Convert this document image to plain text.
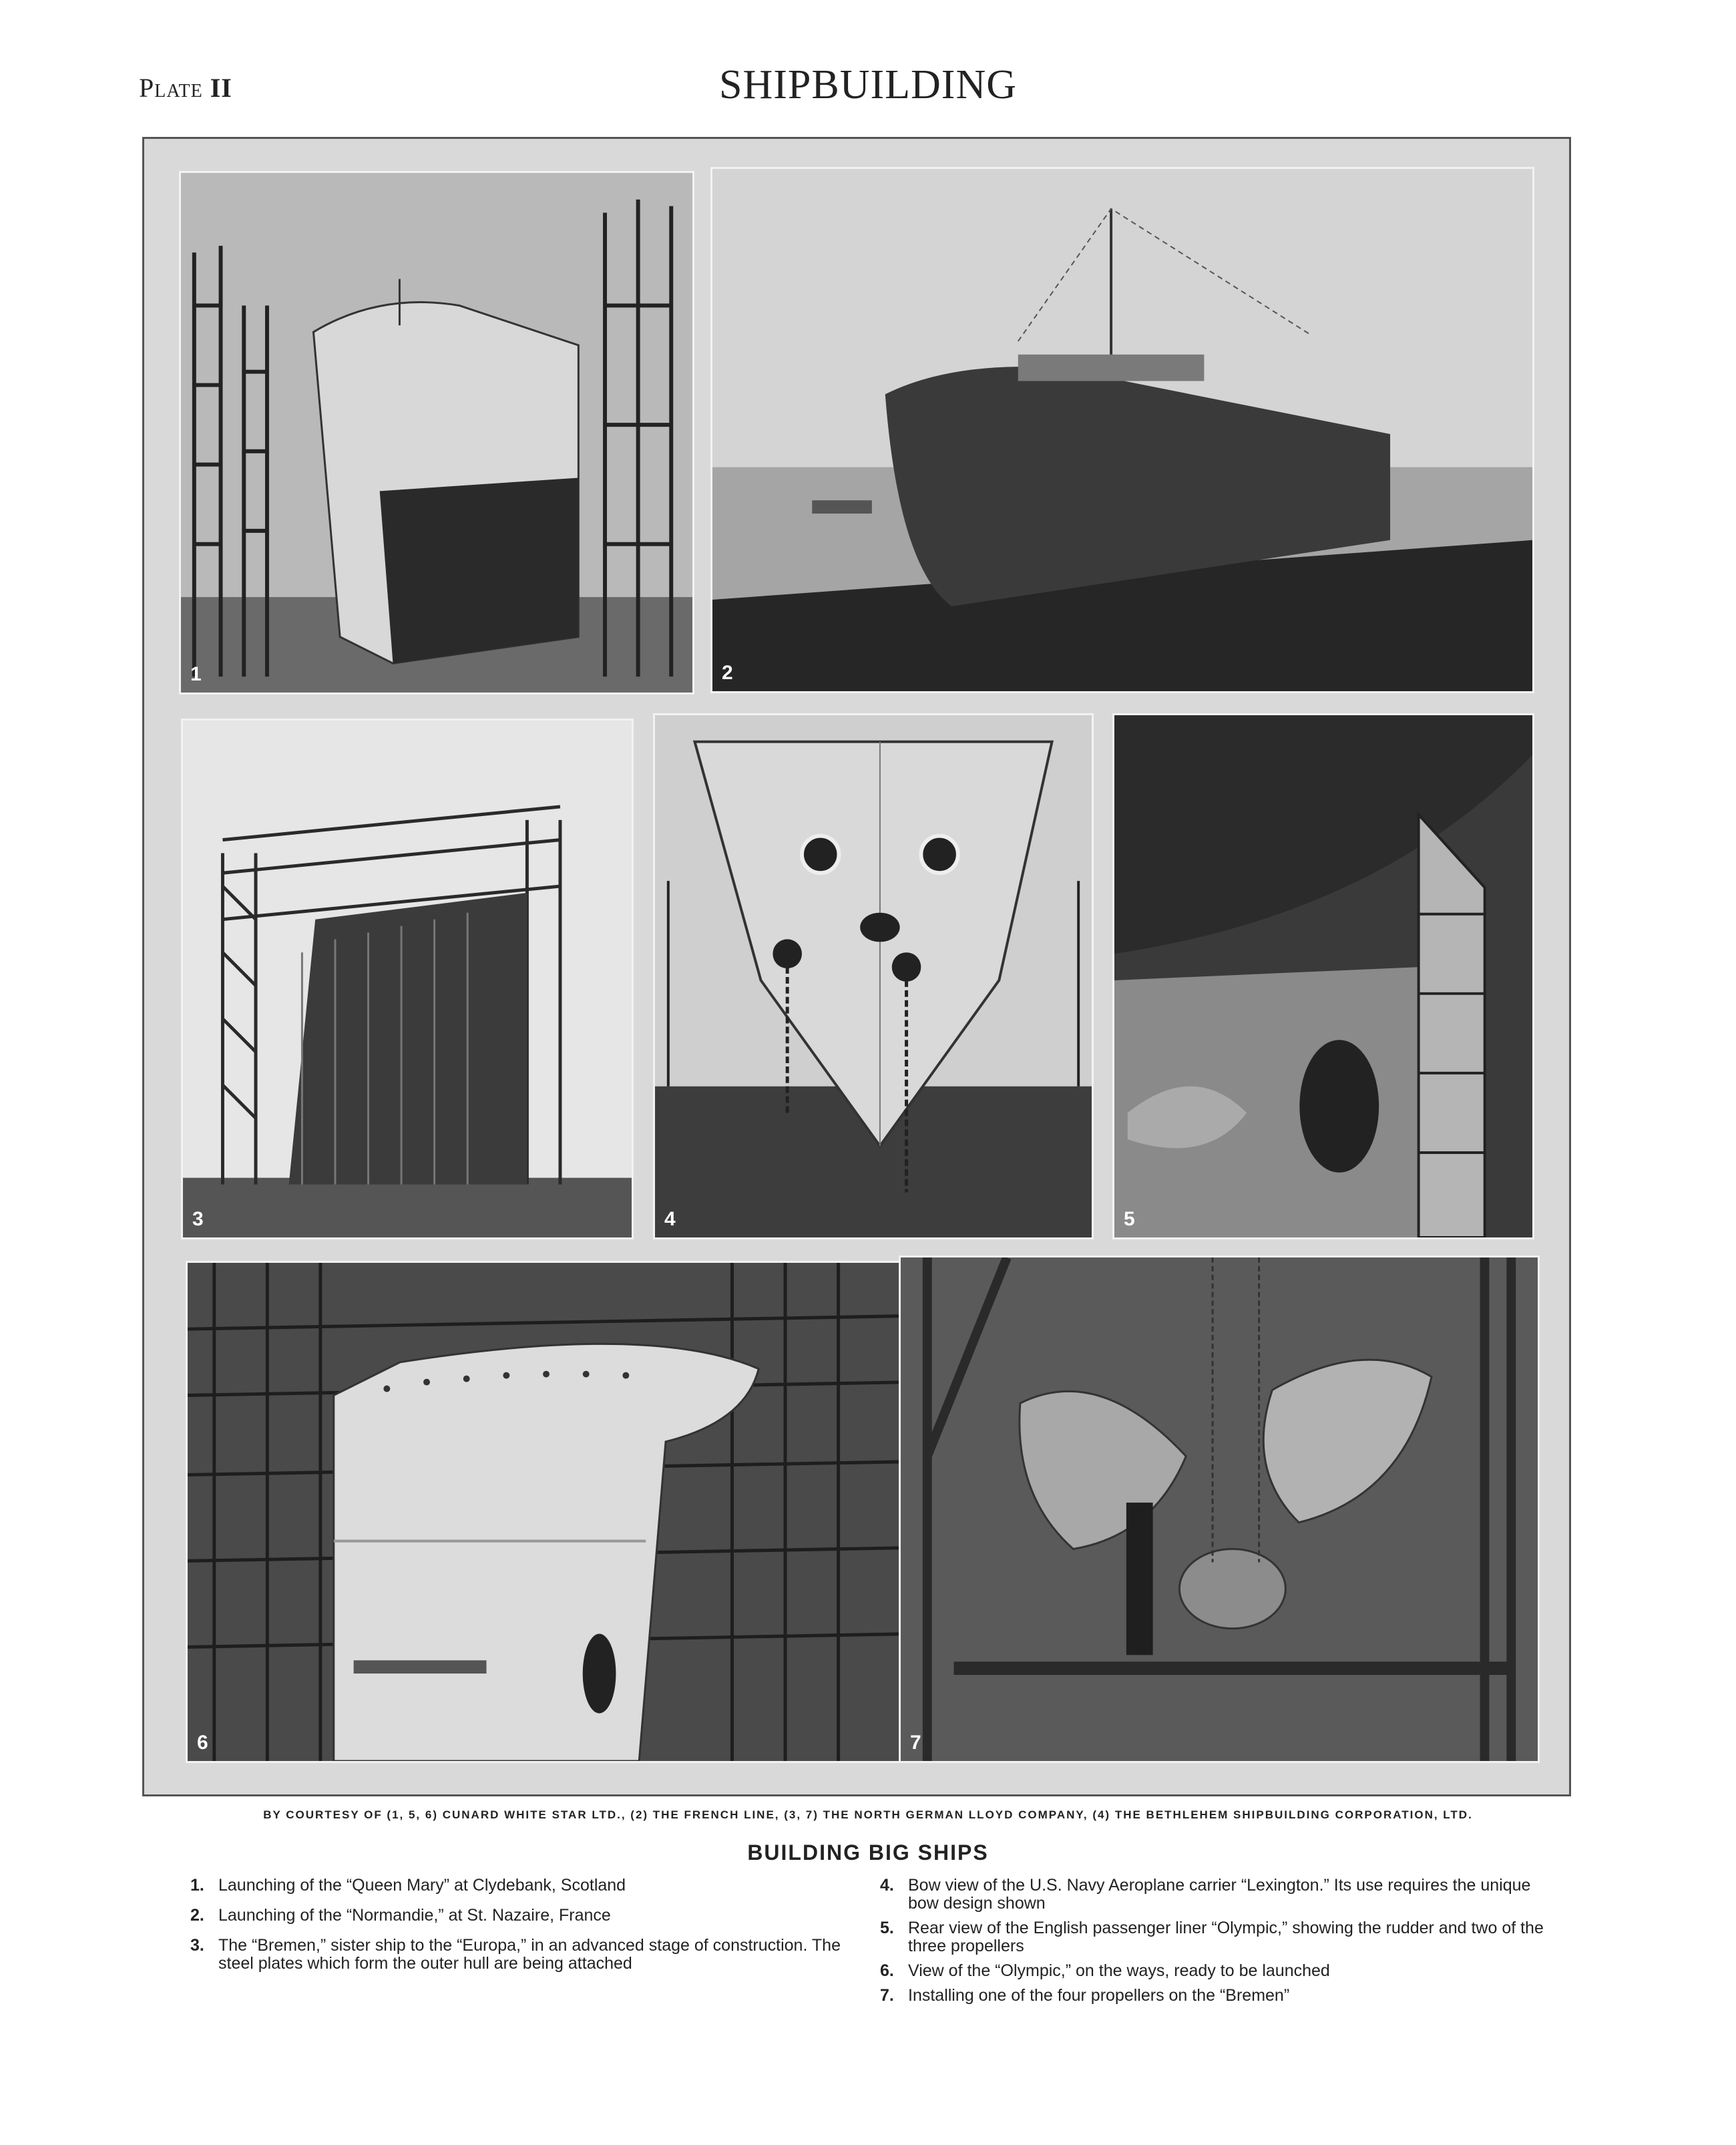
Plate II	SHIPBUILDING
1	2
3	4	5
6	7
BY COURTESY OF (1, 5, 6) CUNARD WHITE STAR LTD., (2) THE FRENCH LINE, (3, 7) THE NORTH GERMAN LLOYD COMPANY, (4) THE BETHLEHEM SHIPBUILDING CORPORATION, LTD.
BUILDING BIG SHIPS
1. Launching of the “Queen Mary” at Clydebank, Scotland
2. Launching of the “Normandie,” at St. Nazaire, France
3. The “Bremen,” sister ship to the “Europa,” in an advanced stage of construction. The steel plates which form the outer hull are being attached
4. Bow view of the U.S. Navy Aeroplane carrier “Lexington.” Its use requires the unique bow design shown
5. Rear view of the English passenger liner “Olympic,” showing the rudder and two of the three propellers
6. View of the “Olympic,” on the ways, ready to be launched
7. Installing one of the four propellers on the “Bremen”
